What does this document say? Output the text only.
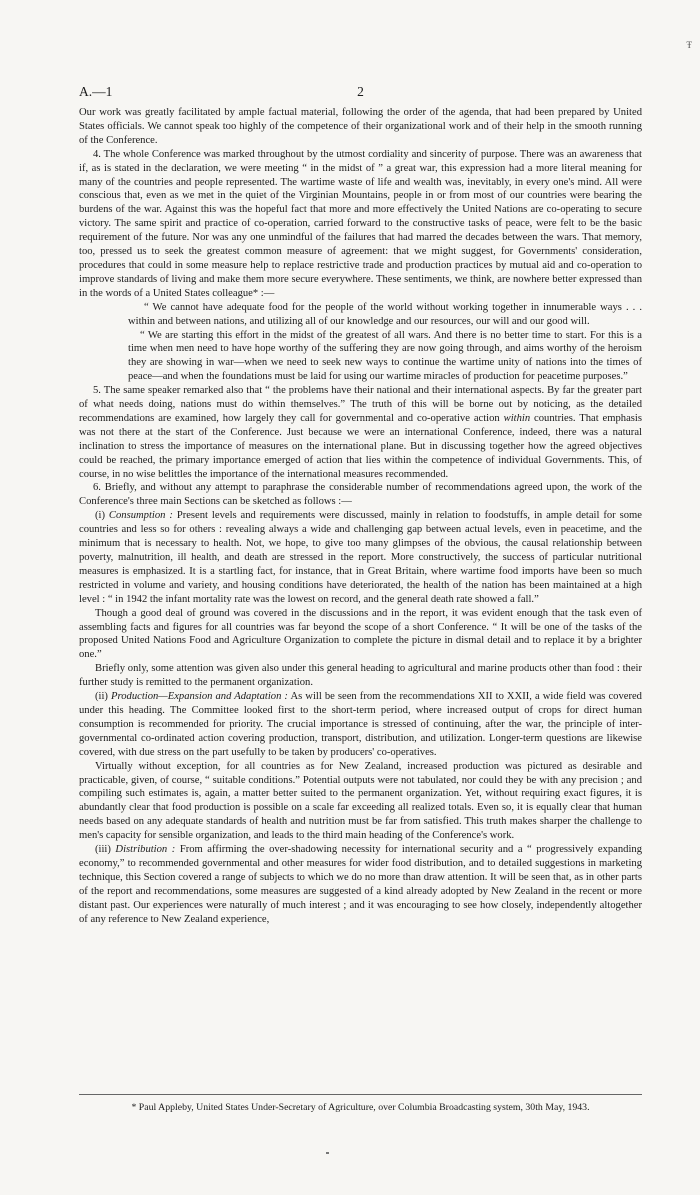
Ŧ
A.—1	2

Our work was greatly facilitated by ample factual material, following the order of the agenda, that had been prepared by United States officials. We cannot speak too highly of the competence of their organizational work and of their help in the smooth running of the Conference.

4. The whole Conference was marked throughout by the utmost cordiality and sincerity of purpose. There was an awareness that if, as is stated in the declaration, we were meeting “ in the midst of ” a great war, this expression had a more literal meaning for many of the countries and people represented. The wartime waste of life and wealth was, inevitably, in every one's mind. All were conscious that, even as we met in the quiet of the Virginian Mountains, people in or from most of our countries were bearing the burdens of the war. Against this was the hopeful fact that more and more effectively the United Nations are co-operating to secure victory. The same spirit and practice of co-operation, carried forward to the constructive tasks of peace, were felt to be the basic requirement of the future. Nor was any one unmindful of the failures that had marred the decades between the wars. That memory, too, pressed us to seek the greatest common measure of agreement: that we might suggest, for Governments' consideration, procedures that could in some measure help to replace restrictive trade and production practices by mutual aid and co-operation to improve standards of living and make them more secure everywhere. These sentiments, we think, are nowhere better expressed than in the words of a United States colleague* :—

“ We cannot have adequate food for the people of the world without working together in innumerable ways . . . within and between nations, and utilizing all of our knowledge and our resources, our will and our good will.

“ We are starting this effort in the midst of the greatest of all wars. And there is no better time to start. For this is a time when men need to have hope worthy of the suffering they are now going through, and aims worthy of the heroism they are showing in war—when we need to seek new ways to continue the wartime unity of nations into the times of peace—and when the foundations must be laid for using our wartime miracles of production for peacetime purposes.”

5. The same speaker remarked also that “ the problems have their national and their international aspects. By far the greater part of what needs doing, nations must do within themselves.” The truth of this will be borne out by noticing, as the detailed recommendations are examined, how largely they call for governmental and co-operative action within countries. That emphasis was not there at the start of the Conference. Just because we were an international Conference, indeed, there was a natural inclination to stress the importance of measures on the international plane. But in discussing together how the agreed objectives could be reached, the primary importance emerged of action that lies within the competence of individual Governments. This, of course, in no wise belittles the importance of the international measures recommended.

6. Briefly, and without any attempt to paraphrase the considerable number of recommendations agreed upon, the work of the Conference's three main Sections can be sketched as follows :—

(i) Consumption : Present levels and requirements were discussed, mainly in relation to foodstuffs, in ample detail for some countries and less so for others : revealing always a wide and challenging gap between actual levels, even in peacetime, and the minimum that is necessary to health. Not, we hope, to give too many glimpses of the obvious, the causal relationship between poverty, malnutrition, ill health, and death are stressed in the report. More constructively, the success of particular nutritional measures is emphasized. It is a startling fact, for instance, that in Great Britain, where wartime food imports have been so much restricted in volume and variety, and housing conditions have deteriorated, the health of the nation has been maintained at a high level : “ in 1942 the infant mortality rate was the lowest on record, and the general death rate showed a fall.”

Though a good deal of ground was covered in the discussions and in the report, it was evident enough that the task even of assembling facts and figures for all countries was far beyond the scope of a short Conference. “ It will be one of the tasks of the proposed United Nations Food and Agriculture Organization to complete the picture in dismal detail and to replace it by a brighter one.”

Briefly only, some attention was given also under this general heading to agricultural and marine products other than food : their further study is remitted to the permanent organization.

(ii) Production—Expansion and Adaptation : As will be seen from the recommendations XII to XXII, a wide field was covered under this heading. The Committee looked first to the short-term period, where increased output of crops for direct human consumption is recommended for priority. The crucial importance is stressed of continuing, after the war, the principle of inter-governmental co-ordinated action covering production, transport, distribution, and utilization. Longer-term questions are likewise covered, with due stress on the part usefully to be taken by producers' co-operatives.

Virtually without exception, for all countries as for New Zealand, increased production was pictured as desirable and practicable, given, of course, “ suitable conditions.” Potential outputs were not tabulated, nor could they be with any precision ; and compiling such estimates is, again, a matter better suited to the permanent organization. Yet, without requiring exact figures, it is abundantly clear that food production is possible on a scale far exceeding all realized totals. Even so, it is equally clear that human needs based on any adequate standards of health and nutrition must be far from satisfied. This truth makes sharper the challenge to men's capacity for sensible organization, and leads to the third main heading of the Conference's work.

(iii) Distribution : From affirming the over-shadowing necessity for international security and a “ progressively expanding economy,” to recommended governmental and other measures for wider food distribution, and to detailed suggestions in marketing technique, this Section covered a range of subjects to which we do no more than draw attention. It will be seen that, as in other parts of the report and recommendations, some measures are suggested of a kind already adopted by New Zealand in the recent or more distant past. Our experiences were naturally of much interest ; and it was encouraging to see how closely, independently altogether of any reference to New Zealand experience,

* Paul Appleby, United States Under-Secretary of Agriculture, over Columbia Broadcasting system, 30th May, 1943.
